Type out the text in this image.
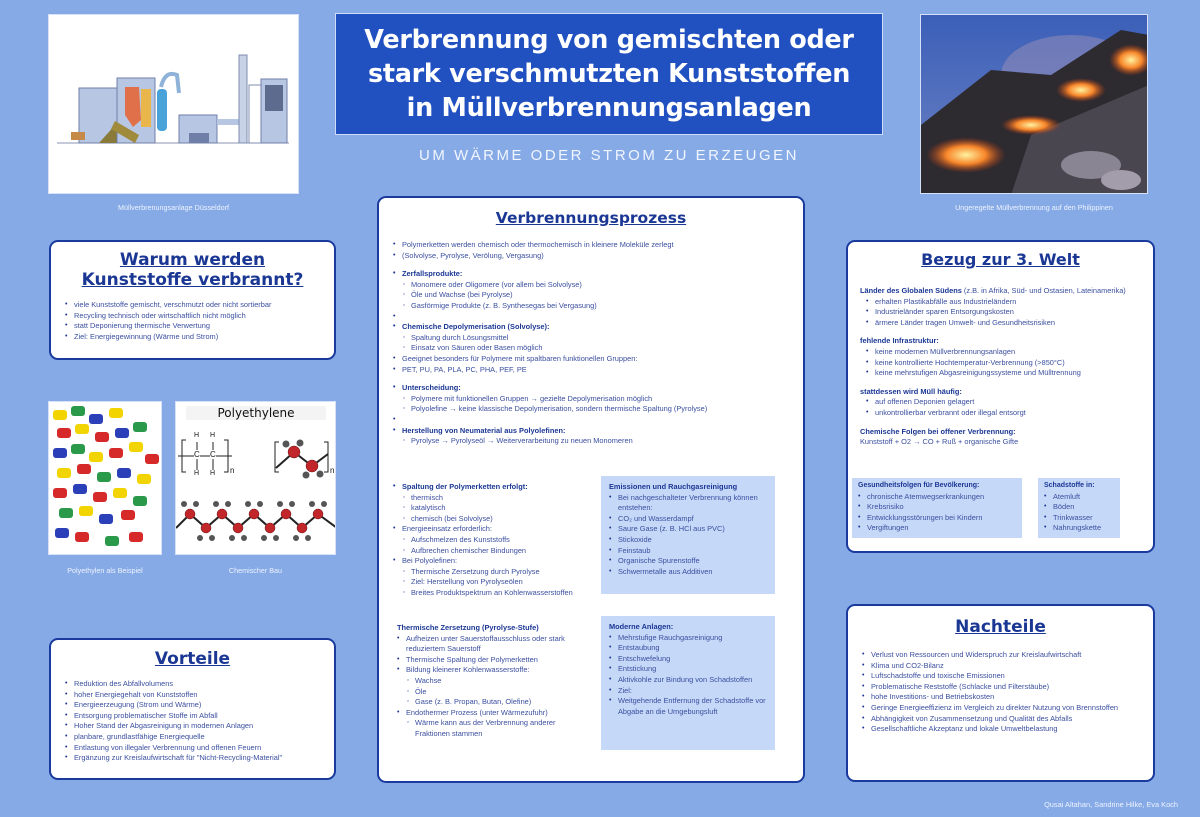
Verbrennung von gemischten oder
stark verschmutzten Kunststoffen
in Müllverbrennungsanlagen
UM WÄRME ODER STROM ZU ERZEUGEN
Müllverbrenungsanlage Düsseldorf	Ungeregelte Müllverbrennung auf den Philippinen
Warum werden Kunststoffe verbrannt?
• viele Kunststoffe gemischt, verschmutzt oder nicht sortierbar
• Recycling technisch oder wirtschaftlich nicht möglich
• statt Deponierung thermische Verwertung
• Ziel: Energiegewinnung (Wärme und Strom)
Polyethylen als Beispiel
Polyethylene
C C
H H
H H n	n
Chemischer Bau
Vorteile
• Reduktion des Abfallvolumens
• hoher Energiegehalt von Kunststoffen
• Energieerzeugung (Strom und Wärme)
• Entsorgung problematischer Stoffe im Abfall
• Hoher Stand der Abgasreinigung in modernen Anlagen
• planbare, grundlastfähige Energiequelle
• Entlastung von illegaler Verbrennung und offenen Feuern
• Ergänzung zur Kreislaufwirtschaft für "Nicht-Recycling-Material"
Verbrennungsprozess
• Polymerketten werden chemisch oder thermochemisch in kleinere Moleküle zerlegt
• (Solvolyse, Pyrolyse, Verölung, Vergasung)
• Zerfallsprodukte:
◦ Monomere oder Oligomere (vor allem bei Solvolyse)
◦ Öle und Wachse (bei Pyrolyse)
◦ Gasförmige Produkte (z. B. Synthesegas bei Vergasung)
•
• Chemische Depolymerisation (Solvolyse):
◦ Spaltung durch Lösungsmittel
◦ Einsatz von Säuren oder Basen möglich
• Geeignet besonders für Polymere mit spaltbaren funktionellen Gruppen:
• PET, PU, PA, PLA, PC, PHA, PEF, PE
• Unterscheidung:
◦ Polymere mit funktionellen Gruppen → gezielte Depolymerisation möglich
◦ Polyolefine → keine klassische Depolymerisation, sondern thermische Spaltung (Pyrolyse)
•
• Herstellung von Neumaterial aus Polyolefinen:
◦ Pyrolyse → Pyrolyseöl → Weiterverarbeitung zu neuen Monomeren
• Spaltung der Polymerketten erfolgt:
◦ thermisch
◦ katalytisch
◦ chemisch (bei Solvolyse)
• Energieeinsatz erforderlich:
◦ Aufschmelzen des Kunststoffs
◦ Aufbrechen chemischer Bindungen
• Bei Polyolefinen:
◦ Thermische Zersetzung durch Pyrolyse
◦ Ziel: Herstellung von Pyrolyseölen
◦ Breites Produktspektrum an Kohlenwasserstoffen
Thermische Zersetzung (Pyrolyse-Stufe)
• Aufheizen unter Sauerstoffausschluss oder stark reduziertem Sauerstoff
• Thermische Spaltung der Polymerketten
• Bildung kleinerer Kohlenwasserstoffe:
◦ Wachse
◦ Öle
◦ Gase (z. B. Propan, Butan, Olefine)
• Endothermer Prozess (unter Wärmezufuhr)
◦ Wärme kann aus der Verbrennung anderer Fraktionen stammen
Emissionen und Rauchgasreinigung
• Bei nachgeschalteter Verbrennung können entstehen:
• CO₂ und Wasserdampf
• Saure Gase (z. B. HCl aus PVC)
• Stickoxide
• Feinstaub
• Organische Spurenstoffe
• Schwermetalle aus Additiven
Moderne Anlagen:
• Mehrstufige Rauchgasreinigung
• Entstaubung
• Entschwefelung
• Entstickung
• Aktivkohle zur Bindung von Schadstoffen
• Ziel:
• Weitgehende Entfernung der Schadstoffe vor Abgabe an die Umgebungsluft
Bezug zur 3. Welt
Länder des Globalen Südens (z.B. in Afrika, Süd- und Ostasien, Lateinamerika)
• erhalten Plastikabfälle aus Industrieländern
• Industrieländer sparen Entsorgungskosten
• ärmere Länder tragen Umwelt- und Gesundheitsrisiken
fehlende Infrastruktur:
• keine modernen Müllverbrennungsanlagen
• keine kontrollierte Hochtemperatur-Verbrennung (>850°C)
• keine mehrstufigen Abgasreinigungssysteme und Mülltrennung
stattdessen wird Müll häufig:
• auf offenen Deponien gelagert
• unkontrollierbar verbrannt oder illegal entsorgt
Chemische Folgen bei offener Verbrennung:
Kunststoff + O2 → CO + Ruß + organische Gifte
Gesundheitsfolgen für Bevölkerung:
• chronische Atemwegserkrankungen
• Krebsrisiko
• Entwicklungsstörungen bei Kindern
• Vergiftungen
Schadstoffe in:
• Atemluft
• Böden
• Trinkwasser
• Nahrungskette
Nachteile
• Verlust von Ressourcen und Widerspruch zur Kreislaufwirtschaft
• Klima und CO2-Bilanz
• Luftschadstoffe und toxische Emissionen
• Problematische Reststoffe (Schlacke und Filterstäube)
• hohe Investitions- und Betriebskosten
• Geringe Energieeffizienz im Vergleich zu direkter Nutzung von Brennstoffen
• Abhängigkeit von Zusammensetzung und Qualität des Abfalls
• Gesellschaftliche Akzeptanz und lokale Umweltbelastung
Qusai Altahan, Sandrine Hilke, Eva Koch
